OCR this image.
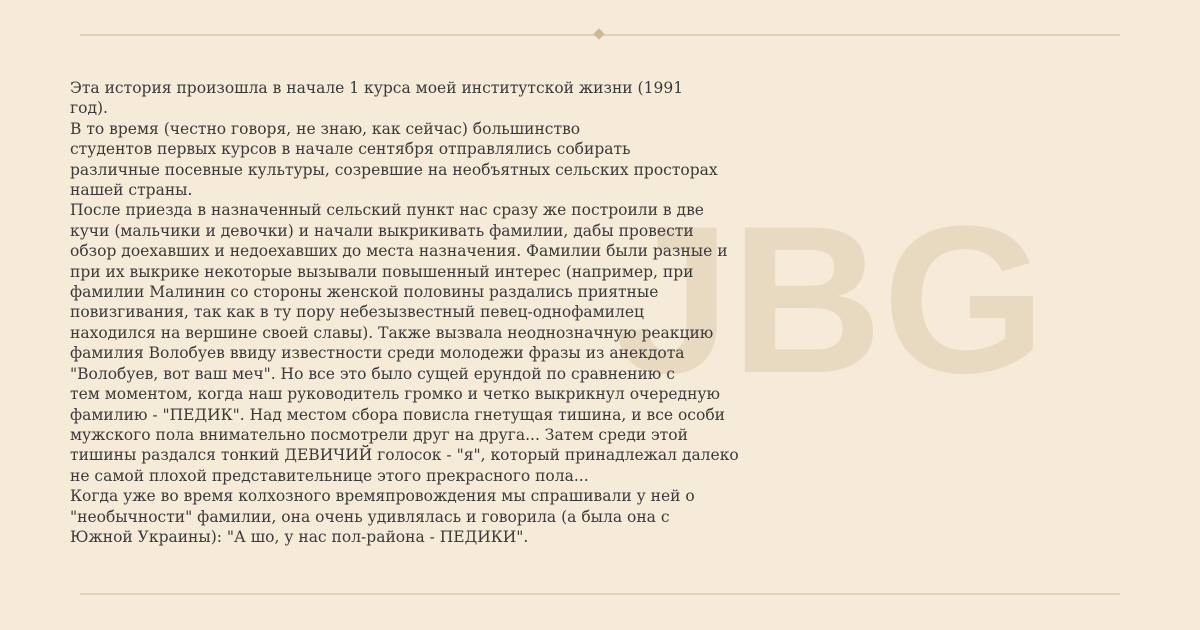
JBG

Эта история произошла в начале 1 курса моей институтской жизни (1991
год).
В то время (честно говоря, не знаю, как сейчас) большинство
студентов первых курсов в начале сентября отправлялись собирать
различные посевные культуры, созревшие на необъятных сельских просторах
нашей страны.
После приезда в назначенный сельский пункт нас сразу же построили в две
кучи (мальчики и девочки) и начали выкрикивать фамилии, дабы провести
обзор доехавших и недоехавших до места назначения. Фамилии были разные и
при их выкрике некоторые вызывали повышенный интерес (например, при
фамилии Малинин со стороны женской половины раздались приятные
повизгивания, так как в ту пору небезызвестный певец-однофамилец
находился на вершине своей славы). Также вызвала неоднозначную реакцию
фамилия Волобуев ввиду известности среди молодежи фразы из анекдота
"Волобуев, вот ваш меч". Но все это было сущей ерундой по сравнению с
тем моментом, когда наш руководитель громко и четко выкрикнул очередную
фамилию - "ПЕДИК". Над местом сбора повисла гнетущая тишина, и все особи
мужского пола внимательно посмотрели друг на друга... Затем среди этой
тишины раздался тонкий ДЕВИЧИЙ голосок - "я", который принадлежал далеко
не самой плохой представительнице этого прекрасного пола...
Когда уже во время колхозного времяпровождения мы спрашивали у ней о
"необычности" фамилии, она очень удивлялась и говорила (а была она с
Южной Украины): "А шо, у нас пол-района - ПЕДИКИ".
